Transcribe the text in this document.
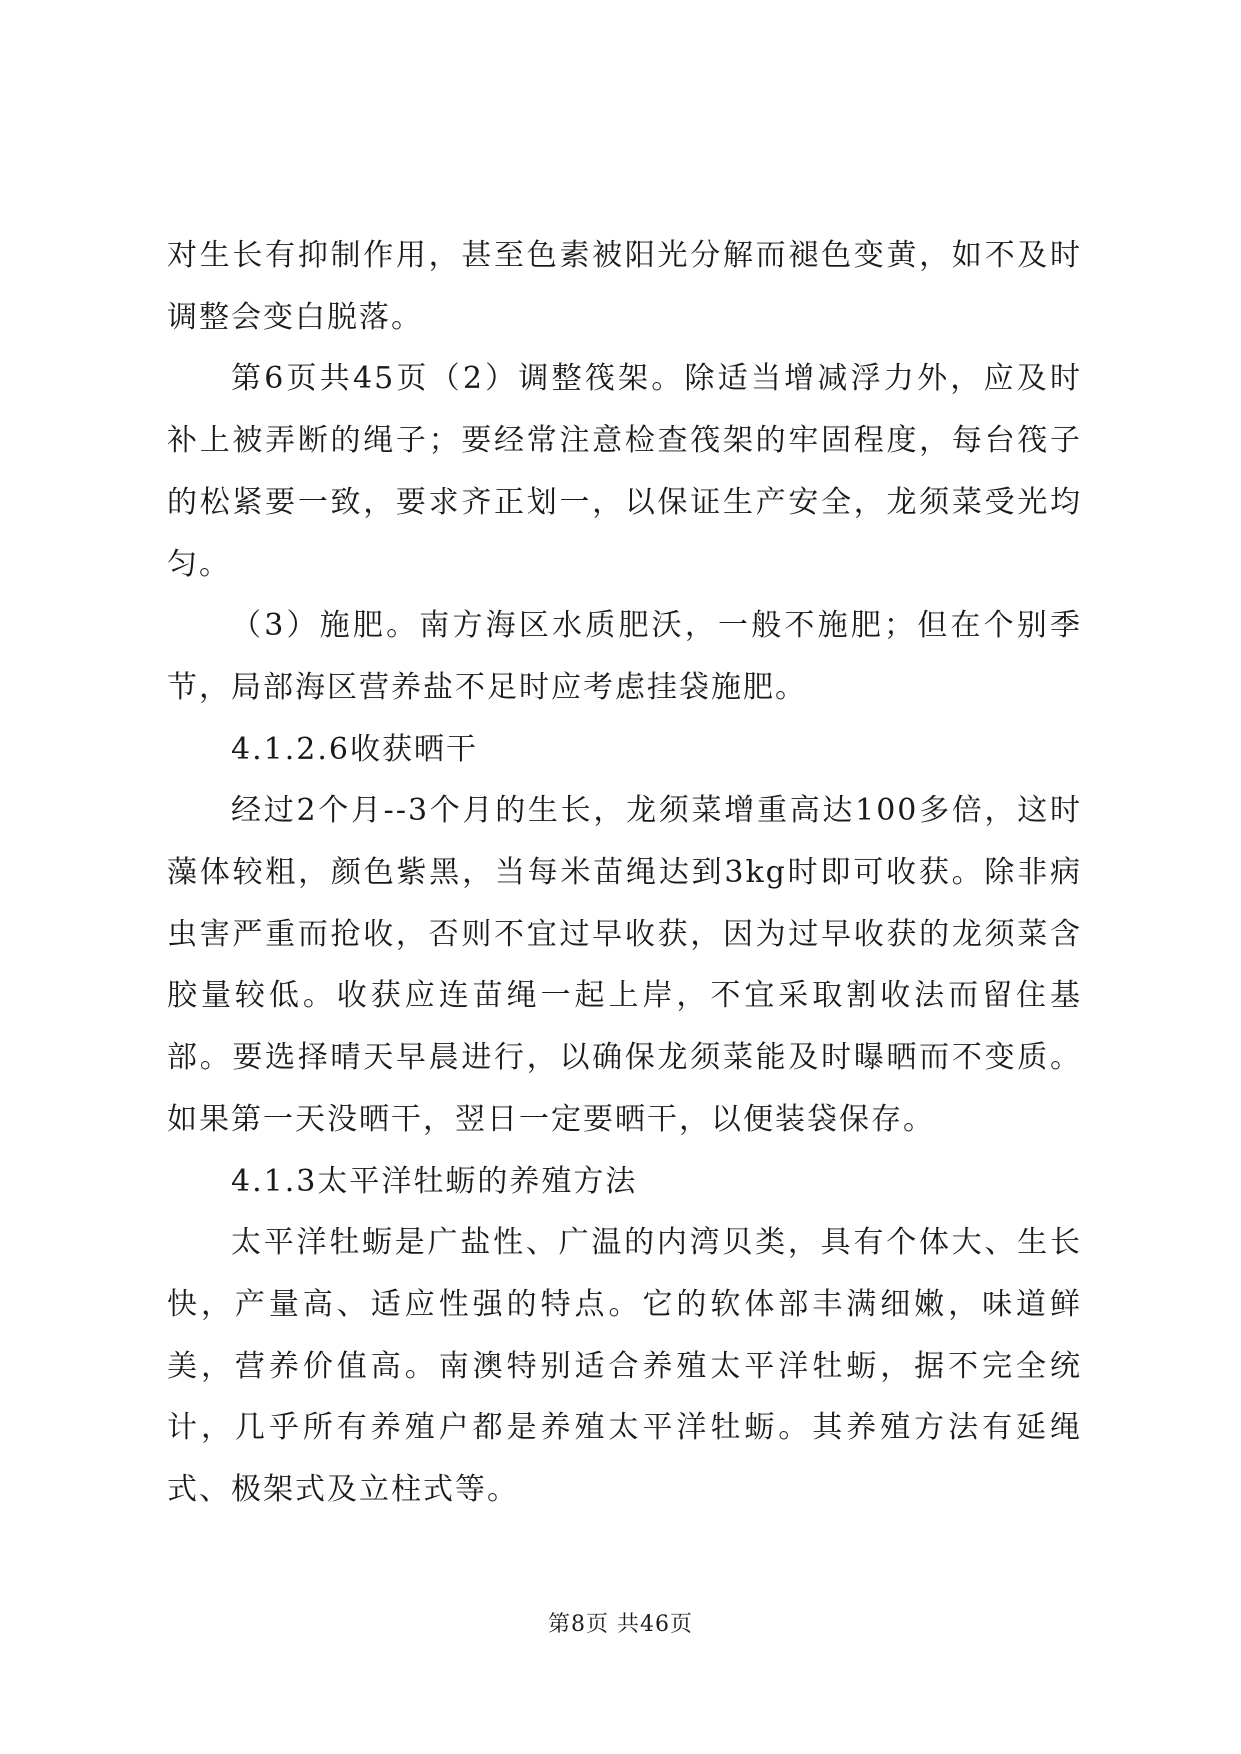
对生长有抑制作用，甚至色素被阳光分解而褪色变黄，如不及时调整会变白脱落。

第6页共45页（2）调整筏架。除适当增减浮力外，应及时补上被弄断的绳子；要经常注意检查筏架的牢固程度，每台筏子的松紧要一致，要求齐正划一，以保证生产安全，龙须菜受光均匀。

（3）施肥。南方海区水质肥沃，一般不施肥；但在个别季节，局部海区营养盐不足时应考虑挂袋施肥。

4.1.2.6收获晒干

经过2个月--3个月的生长，龙须菜增重高达100多倍，这时藻体较粗，颜色紫黑，当每米苗绳达到3kg时即可收获。除非病虫害严重而抢收，否则不宜过早收获，因为过早收获的龙须菜含胶量较低。收获应连苗绳一起上岸，不宜采取割收法而留住基部。要选择晴天早晨进行，以确保龙须菜能及时曝晒而不变质。如果第一天没晒干，翌日一定要晒干，以便装袋保存。

4.1.3太平洋牡蛎的养殖方法

太平洋牡蛎是广盐性、广温的内湾贝类，具有个体大、生长快，产量高、适应性强的特点。它的软体部丰满细嫩，味道鲜美，营养价值高。南澳特别适合养殖太平洋牡蛎，据不完全统计，几乎所有养殖户都是养殖太平洋牡蛎。其养殖方法有延绳式、极架式及立柱式等。

第8页 共46页
